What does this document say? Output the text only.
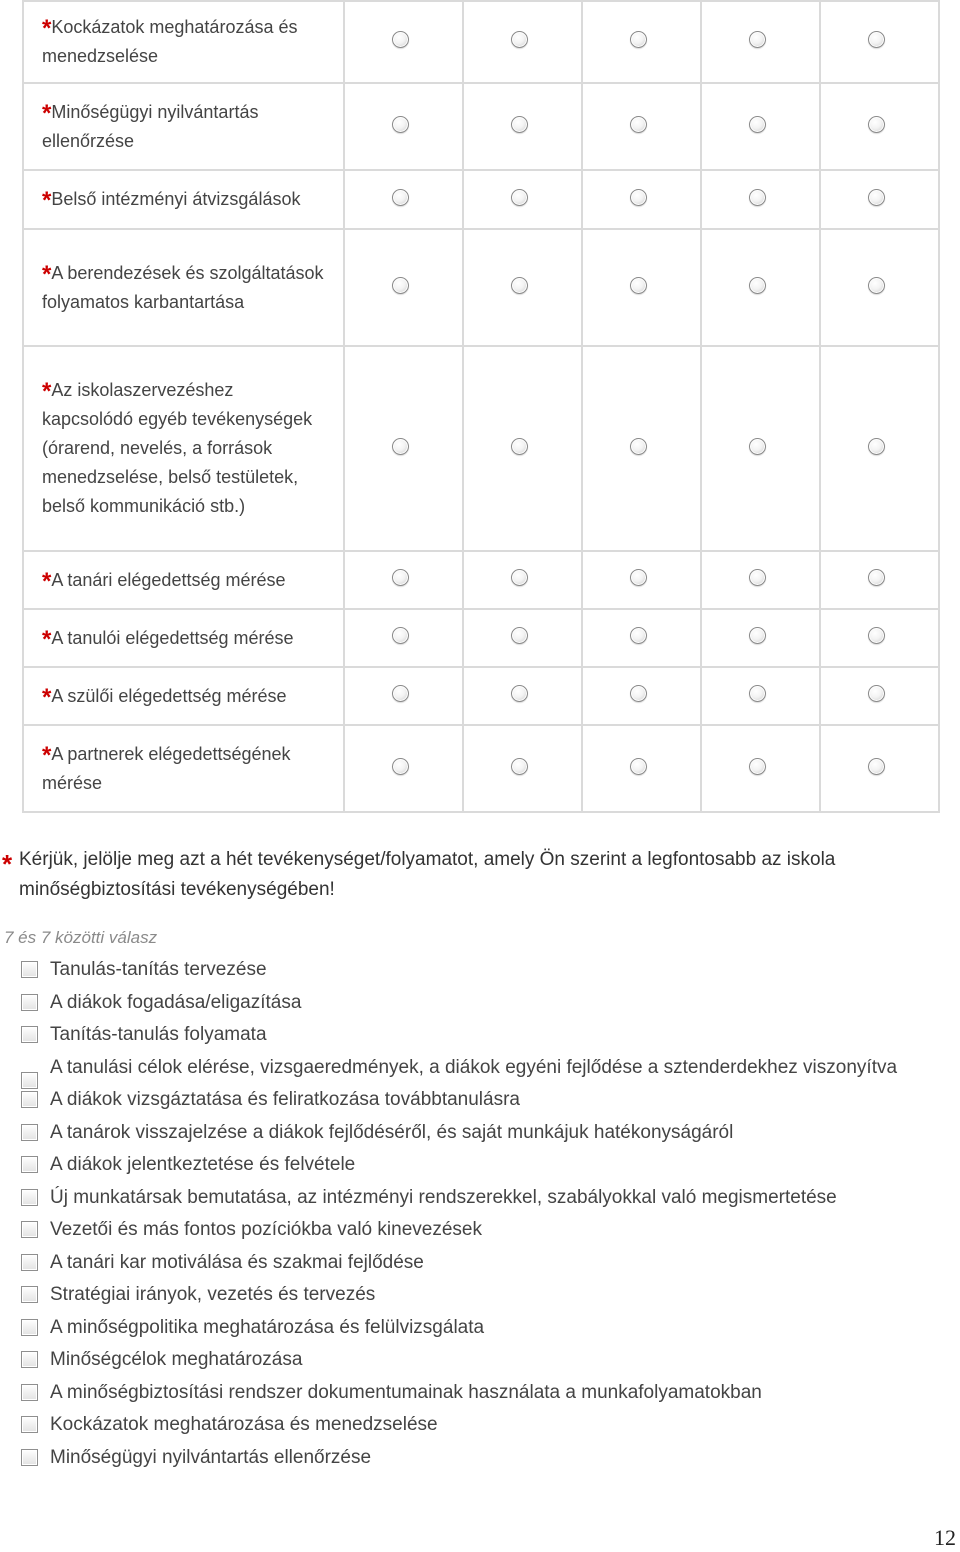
*Kockázatok meghatározása és menedzselése					
*Minőségügyi nyilvántartás ellenőrzése					
*Belső intézményi átvizsgálások					
*A berendezések és szolgáltatások folyamatos karbantartása					
*Az iskolaszervezéshez kapcsolódó egyéb tevékenységek (órarend, nevelés, a források menedzselése, belső testületek, belső kommunikáció stb.)					
*A tanári elégedettség mérése					
*A tanulói elégedettség mérése					
*A szülői elégedettség mérése					
*A partnerek elégedettségének mérése					
* Kérjük, jelölje meg azt a hét tevékenységet/folyamatot, amely Ön szerint a legfontosabb az iskola minőségbiztosítási tevékenységében!
7 és 7 közötti válasz
Tanulás-tanítás tervezése
A diákok fogadása/eligazítása
Tanítás-tanulás folyamata
A tanulási célok elérése, vizsgaeredmények, a diákok egyéni fejlődése a sztenderdekhez viszonyítva
A diákok vizsgáztatása és feliratkozása továbbtanulásra
A tanárok visszajelzése a diákok fejlődéséről, és saját munkájuk hatékonyságáról
A diákok jelentkeztetése és felvétele
Új munkatársak bemutatása, az intézményi rendszerekkel, szabályokkal való megismertetése
Vezetői és más fontos pozíciókba való kinevezések
A tanári kar motiválása és szakmai fejlődése
Stratégiai irányok, vezetés és tervezés
A minőségpolitika meghatározása és felülvizsgálata
Minőségcélok meghatározása
A minőségbiztosítási rendszer dokumentumainak használata a munkafolyamatokban
Kockázatok meghatározása és menedzselése
Minőségügyi nyilvántartás ellenőrzése
12
